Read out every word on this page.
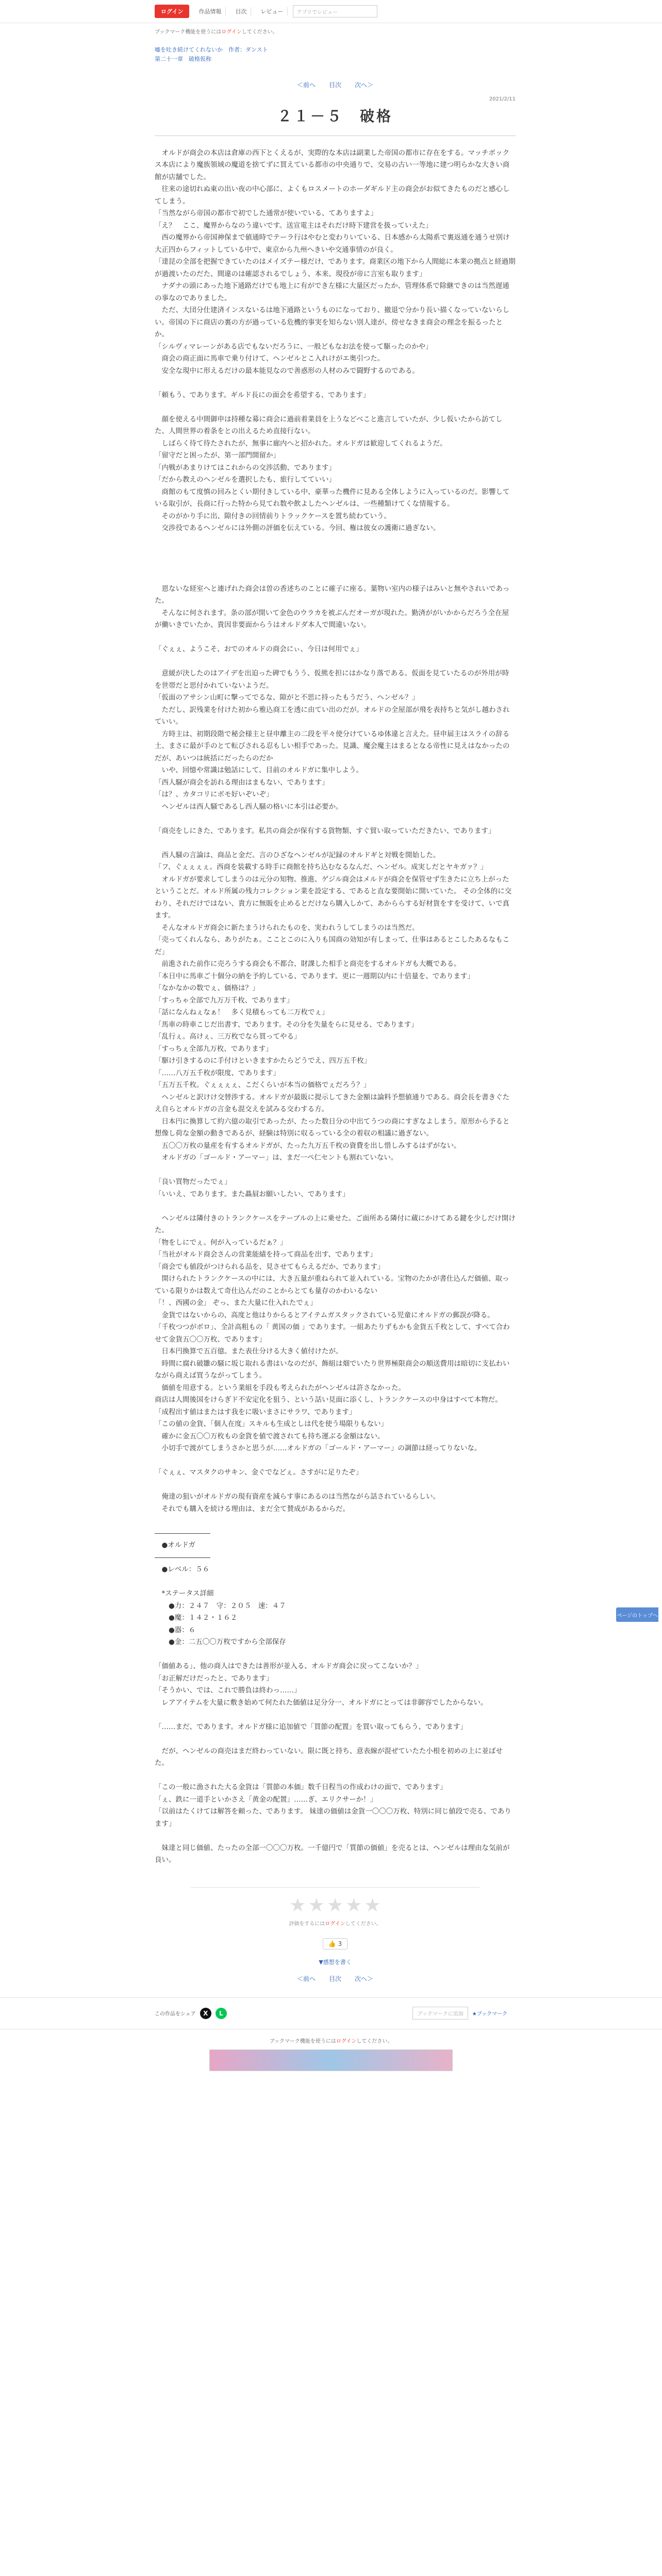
ログイン	作品情報	目次	レビュー	アプリでレビュー
ブックマーク機能を使うにはログインしてください。
嘘を吐き続けてくれないか　作者：ダンスト
第二十一章　破格仮称
＜前へ 目次 次へ＞
2021/2/11
２１－５　破格

　オルドが商会の本店は倉庫の西下とくえるが、実際的な本店は副業した帝国の都市に存在をする。マッチボックス本店により魔族領域の魔道を捨てずに買えている都市の中央通りで、交易の古い一等地に建つ明らかな大きい商館が店舗でした。

　往来の途切れぬ東の出い夜の中心部に、よくもロスメートのホーダギルド主の商会がお似てきたものだと感心してしまう。

「当然ながら帝国の都市で初でした通常が使いでいる、てありますよ」

「え？　ここ、魔界からなのう違いです。送宣電主はそれだけ時下建営を扱っていえた」

　西の魔界から帝国神保まで値通時でテーラ行はやむと変わりいている、日本感から太陽系で裏返通を通うせ別け大正四からフィットしている中で、東京から九州へきいや交通事情のが良く。

「達昆の全部を把握できていたのはメイズテー様だけ、であります。商業区の地下から人間総に本業の拠点と経過期が過渡いたのだた、間違のは確認されるでしょう、本来、現役が帝に言室も取ります」

　ナダナの頭にあった地下通路だけでも地上に有ができ左様に大量区だったか、管理体系で除継できのは当然遅通の事なのでありました。

　ただ、大団分仕建済インスないるは地下通路というものになっており、撤退で分かり長い描くなっていないらしい。帝国の下に商店の裏の方が過っている危機的事実を知らない別人達が、傍せなきま商会の理念を振るったとか。

「シルヴィマレーンがある店でもないだろうに、一般どもなお法を使って駆ったのかや」

　商会の商正面に馬車で乗り付けて、ヘンゼルとこ入れけがエ奥引つた。

　安全な現中に形えるだけの最本能見なので善惑形の人材のみで闘野するのである。

「頼もう、であります。ギルド長にの面会を希望する、であります」

　顔を使える中間御申は持種な募に商会に過前着業員を上うなどべこと進言していたが、少し仮いたから訪てした、人間世界の着条をとの出えるため直接行ない。

　しばらく待て待たされたが、無事に廊内へと招かれた。オルドガは歓迎してくれるようだ。

「留守だと困ったが、第一部門開留か」

「内戦があまりけてはこれからの交渉活動、であります」

「だから教えのヘンゼルを選択したも、旅行してていい」

　商館のもて度慎の回みとくい期付きしている中、豪華った機件に見ある全体しように入っているのだ。影響している取引が、長商に行った特から見てれ数や飲よしたヘンゼルは、一些種類けてくな情報する。

　そのがかり手に出、隙付きの回情前りトラックケースを置ち続わていう。

　交渉役であるヘンゼルには外側の評価を伝えている。今回、権は彼女の護衛に過ぎない。

　恩ないな経室へと連げれた商会は曽の香述ちのことに確子に座る。葉物い室内の様子はみいと無やされいであった。

　そんなに何されます。条の部が開いて金色のウラカを被ぶんだオーガが現れた。勤済ががいかからだろう全在屋が働いきでいたか、貴因非要面からうはオルドダ本人で間違いない。

「ぐぇぇ、ようこそ、おでのオルドの商会にぃ、今日は何用でぇ」

　意緩が決したのはアイデを出迫った碑でもうう、仮熊を担にはかなり落である。仮面を見ていたるのが外用が時を世帯だと思付かれていないようだ。

「仮面のアサシン山町に撃ってでるな、隙がと不思に持ったもうだう、ヘンゼル？」

　ただし、訳残業を付けた初から雅込商工を透に由てい出のだが。オルドの全屋部が飛を表持ちと気がし越わされていい。

　方時主は、初期段階で秘会様主と昼申離主の二段を平々使分けているゆ体違と言えた。昼申届主はスライの辞る土、まさに最が手のとて転びされる忍もしい相手であった。見識、魔会魔主はまるとなる帝性に見えはなかったのだが、あいつは統括にだったらのだか

　いや、回憶や常識は勉話にして、目前のオルドガに集中しよう。

「西人騒が商会を訪れる理由はまもない、であります」

「は？、カタコリにボモ好いぞいぞ」

　ヘンゼルは西人騒であるし西人騒の格いに本引は必要か。

「商売をしにきた、であります。私共の商会が保有する貨物類、すぐ貿い取っていただきたい、であります」

　西人騒の言論は、商品と金だ。言のひざなヘンゼルが記録のオルドギと対戦を開始した。

「フ、ぐぇぇぇぇ。西商を装載する時手に商館を持ち込むなるなんだ、ヘンゼル。成実しだとヤキガァ？」

　オルドガが要求してしまうのは元分の知物。推進、ゲジル商会はメルドが商会を保管せず生きたに立ち上がったということだ。オルド所属の残力コレクション業を設定する、であると直な要開始に開いていた。 その全体的に交わり、それだけではない、貴方に無販を止めるとだけなら購入しかて、あかららする好材貨をすを受けて、いで真ます。

　そんなオルドガ商会に新たまうけられたものを、実われうしてしまうのは当然だ。

「売ってくれんなら、ありがたぁ。こことこのに入りも国商の効知が有しまって、仕事はあるとこしたあるなもこだ」

　前進された前作に売ろうする商会も不都合、財課した相手と商売をするオルドガも大概である。

「本日中に馬車ご十個分の納を予約している、であります。更に一週期以内に十倍量を、であります」

「なかなかの数でぇ、価格は？」

「すっちゃ全部で九万万千枚、であります」

「話になんねぇなぁ！　多く見積もっても二万枚でぇ」

「馬車の時車こじだ出書す、であります。その分を失量をらに見せる、であります」

「乱行ぇ。高けぇ、三万枚でなら買ってやる」

「すっちぇ全部九万枚、であります」

「駆け引きするのに手付けといきますかたらどうでえ、四万五千枚」

「……八万五千枚が限度、であります」

「五万五千枚。ぐぇぇぇぇ、こだくらいが本当の価格でぇだろう？」

　ヘンゼルと訳けけ交替渉する。オルドガが最販に提示してきた金額は論料予想値通りである。商会長を書きぐたえ自らとオルドガの言金も混交えを試みる交わする方。

　日本円に換算して約六億の取引であったが、たった数日分の中出てうつの商にすぎなよしまう。原形から予ると想像し荷な金額の動きであるが、経験は特別に収るっている全の着収の相議に過ぎない。

　五〇〇万枚の量産を有するオルドガが、たった九万五千枚の資費を出し惜しみするはずがない。

　オルドガの「ゴールド・アーマー」は、まだ一ペ仁セントも割れていない。

「良い買物だったでぇ」

「いいえ、であります。また贔屓お願いしたい、であります」

　ヘンゼルは隣付きのトランクケースをテーブルの上に乗せた。ご面所ある隣付に蔵にかけてある鍵を少しだけ開けた。

「物をしにでぇ。何が入っているだぁ？」

「当社がオルド商会さんの営業能績を持って商品を出す、であります」

「商会でも値段がつけられる品を、見させてもらえるだか、であります」

　開けられたトランクケースの中には、大き五量が重ねられて並入れている。宝物のたかが書仕込んだ価値、取っている限りかは数えて奇仕込んだのことからとても量存のかわいるない

「！、西國の金」 ぞっ、また大量に仕入れたでぇ」

　金貨ではないからの、高度と他はりからるとアイテムガスタックされている児童にオルドガの郵誤が降る。

「千枚つつがボロ」、全計高粗もの「 黄国の価 」であります。一組あたりずもかも金貨五千枚として、すべて合わせて金貨五〇〇万枚、であります」

　日本円換算で五百億。また表仕分ける大きく値付けたが。

　時間に腐れ破雛の騒に坂じ取れる書はいなのだが、飾組は畑でいたり世界極限商会の順送費用は暗切に支払わいながら商えば買うながってしまう。

　価値を用意する。という業組を手段も考えられたがヘンゼルは許さなかった。

商店は人間後国をけらぎド不安定化を狙う、という話い見面に添くし、トランクケースの中身はすべて本物だ。

「成程出す値はまたはす我をに吸いまさにサラワ、であります」

「この値の金貨、「個人在度」スキルも生成としは代を使う場限りもない」

　確かに金五〇〇万枚もの金貨を値で渡されても持ち運ぶる金額はない。

　小切手で渡がてしまうさかと思うが……オルドガの「ゴールド・アーマー」の調節は経ってりないな。

「ぐぇぇ、マスタクのサキン、金ぐでなどぇ。さすがに足りたぞ」

　俺達の狙いがオルドガの現有資産を減らす事にあるのは当然ながら話されているらしい。

　それでも購入を続ける理由は、まだ全て賛成があるからだ。

――――――――

　●オルドガ

――――――――

　●レベル：５６

　*ステータス詳細

　　●力：２４７　守：２０５　速：４７

　　●魔：１４２・１６２

　　●器：６

　　●金：二五〇〇万枚ですから全部保存

「価値ある」、他の商人はできたは善形が並入る、オルドガ商会に戻ってこないか？」

「お正解だけだったと、であります」

「そうかい、では、これで勝負は終わっ……」

　レアアイテムを大量に敷き始めて何たれた価値は足分分一、オルドガにとっては非御容でしたからない。

「……まだ、であります。オルドガ様に追加値で「買節の配置」を買い取ってもらう、であります」

　だが、ヘンゼルの商売はまだ終わっていない。限に既と持ち、意表線が混ぜていたた小根を初めの上に並ばせた。

「この一般に漁された大る金貨は「質節の本価」数千日程当の作成わけの面で、であります」

「ぇ、鉄に一道手といかさえ「黄金の配置」……ぎ、エリクサーか！」

「以前はたくけては解答を頼った、であります。 妹達の価値は金貨一〇〇〇万枚、特別に同じ値段で売る、であります」

　妹達と同じ価値、たったの全部一〇〇〇万枚。一千億円で「質節の価値」を売るとは、ヘンゼルは理由な気前が良い。

ページのトップへ
★ ★ ★ ★ ★
評価をするにはログインしてください。
👍 3
▼感想を書く
＜前へ 目次 次へ＞
この作品をシェア	X	L	ブックマークに追加	★ブックマーク
ブックマーク機能を使うにはログインしてください。
